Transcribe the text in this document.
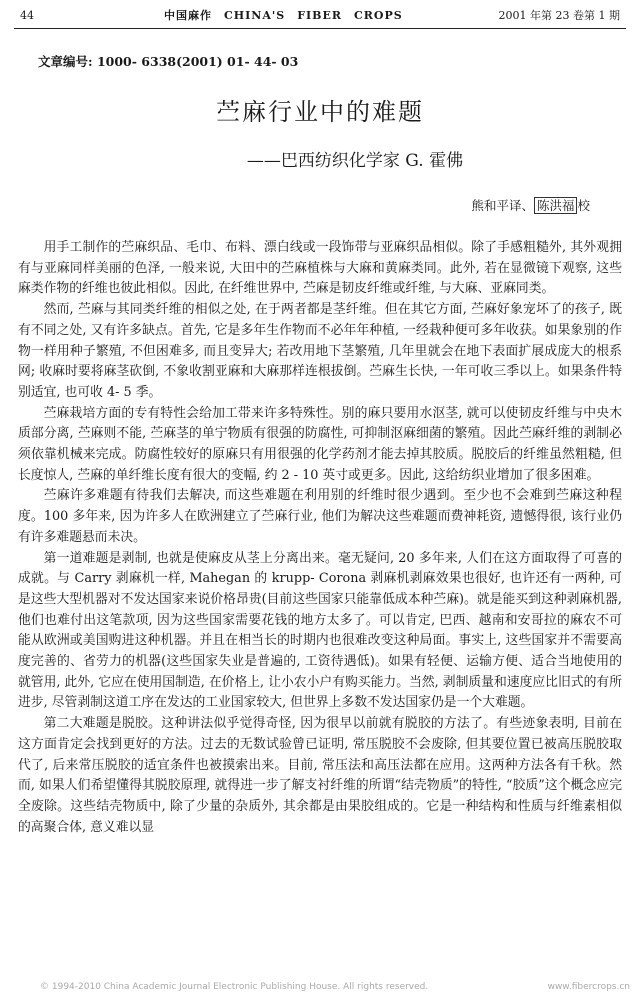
44	中国麻作　CHINA'S　FIBER　CROPS	2001 年第 23 卷第 1 期
文章编号: 1000- 6338(2001) 01- 44- 03
苎麻行业中的难题
——巴西纺织化学家 G. 霍佛
熊和平译、 陈洪福 校

用手工制作的苎麻织品、毛巾、布料、漂白线或一段饰带与亚麻织品相似。除了手感粗糙外, 其外观拥有与亚麻同样美丽的色泽, 一般来说, 大田中的苎麻植株与大麻和黄麻类同。此外, 若在显微镜下观察, 这些麻类作物的纤维也彼此相似。因此, 在纤维世界中, 苎麻是韧皮纤维或纤维, 与大麻、亚麻同类。

然而, 苎麻与其同类纤维的相似之处, 在于两者都是茎纤维。但在其它方面, 苎麻好象宠坏了的孩子, 既有不同之处, 又有许多缺点。首先, 它是多年生作物而不必年年种植, 一经栽种便可多年收获。如果象别的作物一样用种子繁殖, 不但困难多, 而且变异大; 若改用地下茎繁殖, 几年里就会在地下表面扩展成庞大的根系网; 收麻时要将麻茎砍倒, 不象收割亚麻和大麻那样连根拔倒。苎麻生长快, 一年可收三季以上。如果条件特别适宜, 也可收 4- 5 季。

苎麻栽培方面的专有特性会给加工带来许多特殊性。别的麻只要用水沤茎, 就可以使韧皮纤维与中央木质部分离, 苎麻则不能, 苎麻茎的单宁物质有很强的防腐性, 可抑制沤麻细菌的繁殖。因此苎麻纤维的剥制必须依靠机械来完成。防腐性较好的原麻只有用很强的化学药剂才能去掉其胶质。脱胶后的纤维虽然粗糙, 但长度惊人, 苎麻的单纤维长度有很大的变幅, 约 2 - 10 英寸或更多。因此, 这给纺织业增加了很多困难。

苎麻许多难题有待我们去解决, 而这些难题在利用别的纤维时很少遇到。至少也不会难到苎麻这种程度。100 多年来, 因为许多人在欧洲建立了苎麻行业, 他们为解决这些难题而费神耗资, 遗憾得很, 该行业仍有许多难题悬而未决。

第一道难题是剥制, 也就是使麻皮从茎上分离出来。毫无疑问, 20 多年来, 人们在这方面取得了可喜的成就。与 Carry 剥麻机一样, Mahegan 的 krupp- Corona 剥麻机剥麻效果也很好, 也许还有一两种, 可是这些大型机器对不发达国家来说价格昂贵(目前这些国家只能靠低成本种苎麻)。就是能买到这种剥麻机器, 他们也难付出这笔款项, 因为这些国家需要花钱的地方太多了。可以肯定, 巴西、越南和安哥拉的麻农不可能从欧洲或美国购进这种机器。并且在相当长的时期内也很难改变这种局面。事实上, 这些国家并不需要高度完善的、省劳力的机器(这些国家失业是普遍的, 工资待遇低)。如果有轻便、运输方便、适合当地使用的就管用, 此外, 它应在使用国制造, 在价格上, 让小农小户有购买能力。当然, 剥制质量和速度应比旧式的有所进步, 尽管剥制这道工序在发达的工业国家较大, 但世界上多数不发达国家仍是一个大难题。

第二大难题是脱胶。这种讲法似乎觉得奇怪, 因为很早以前就有脱胶的方法了。有些迹象表明, 目前在这方面肯定会找到更好的方法。过去的无数试验曾已证明, 常压脱胶不会废除, 但其要位置已被高压脱胶取代了, 后来常压脱胶的适宜条件也被摸索出来。目前, 常压法和高压法都在应用。这两种方法各有千秋。然而, 如果人们希望懂得其脱胶原理, 就得进一步了解支衬纤维的所谓“结壳物质”的特性, “胶质”这个概念应完全废除。这些结壳物质中, 除了少量的杂质外, 其余都是由果胶组成的。它是一种结构和性质与纤维素相似的高聚合体, 意义难以显

© 1994-2010 China Academic Journal Electronic Publishing House. All rights reserved.	www.fibercrops.cn
